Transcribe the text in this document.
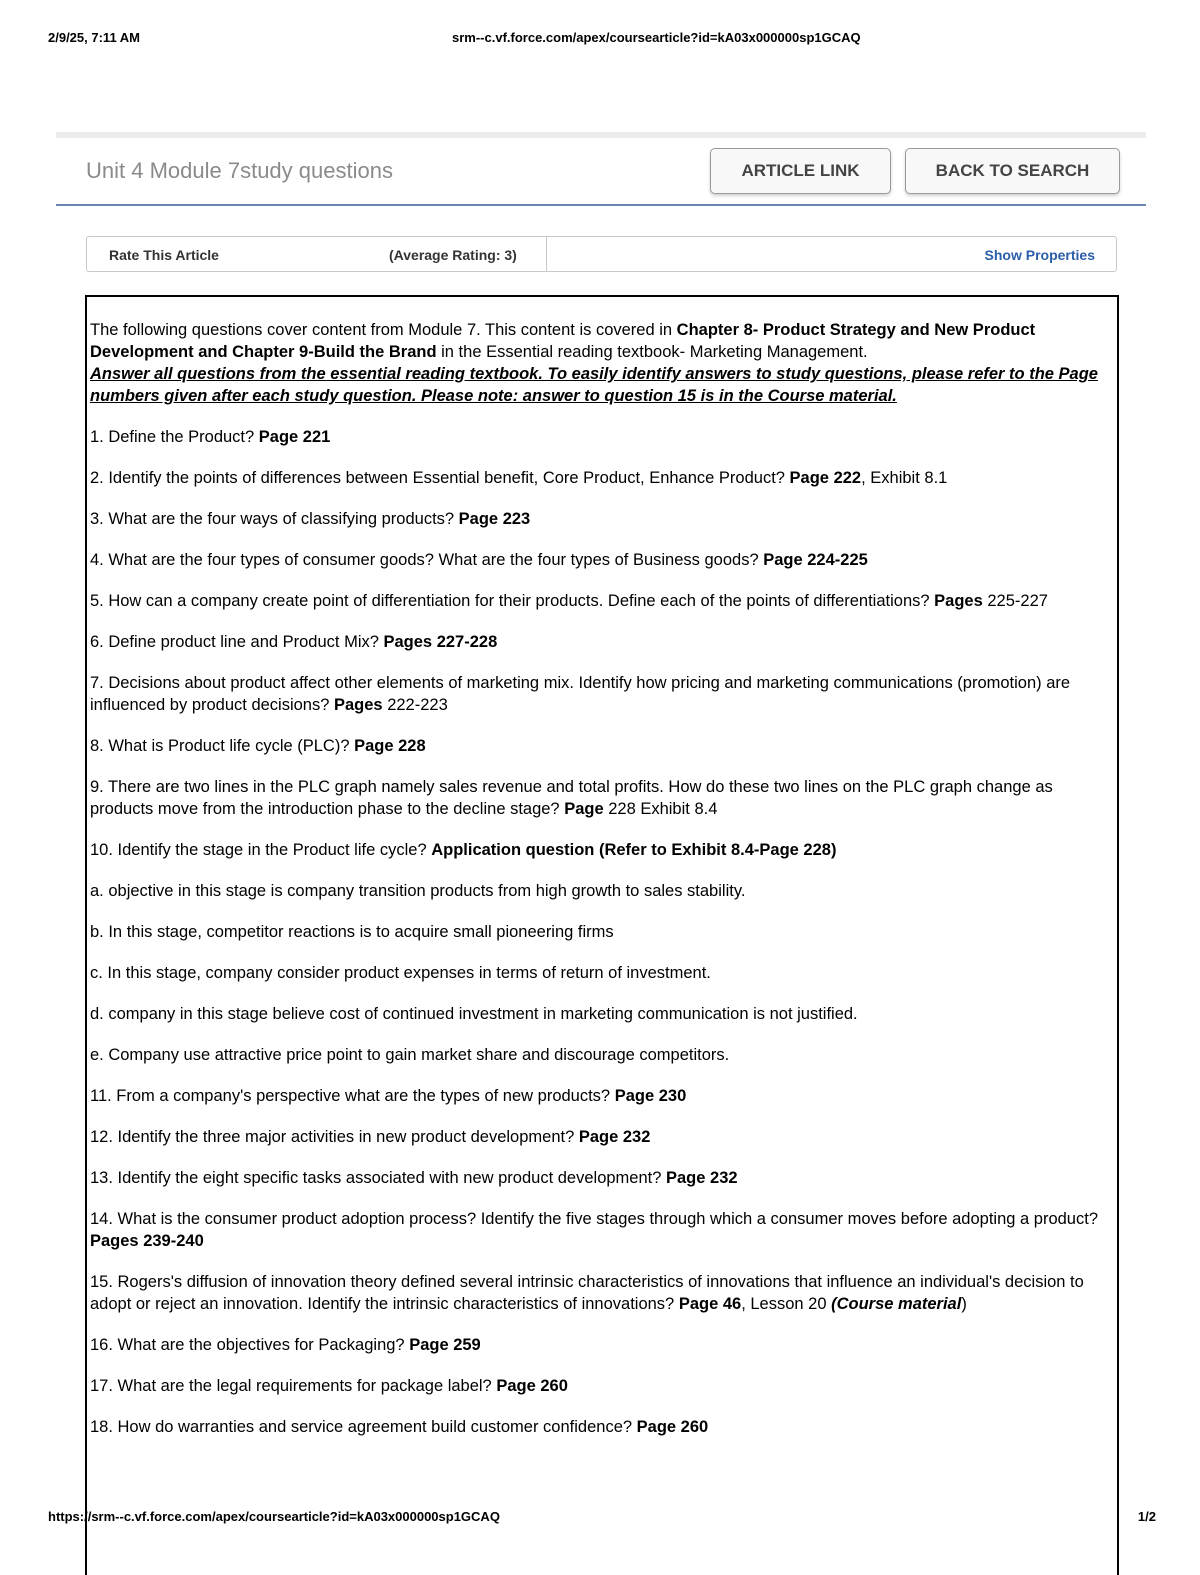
2/9/25, 7:11 AM	srm--c.vf.force.com/apex/coursearticle?id=kA03x000000sp1GCAQ
Unit 4 Module 7study questions	ARTICLE LINK	BACK TO SEARCH
Rate This Article	(Average Rating: 3)	Show Properties

The following questions cover content from Module 7. This content is covered in Chapter 8- Product Strategy and New Product Development and Chapter 9-Build the Brand in the Essential reading textbook- Marketing Management.
Answer all questions from the essential reading textbook. To easily identify answers to study questions, please refer to the Page numbers given after each study question. Please note: answer to question 15 is in the Course material.

1. Define the Product? Page 221

2. Identify the points of differences between Essential benefit, Core Product, Enhance Product? Page 222, Exhibit 8.1

3. What are the four ways of classifying products? Page 223

4. What are the four types of consumer goods? What are the four types of Business goods? Page 224-225

5. How can a company create point of differentiation for their products. Define each of the points of differentiations? Pages 225-227

6. Define product line and Product Mix? Pages 227-228

7. Decisions about product affect other elements of marketing mix. Identify how pricing and marketing communications (promotion) are influenced by product decisions? Pages 222-223

8. What is Product life cycle (PLC)? Page 228

9. There are two lines in the PLC graph namely sales revenue and total profits. How do these two lines on the PLC graph change as products move from the introduction phase to the decline stage? Page 228 Exhibit 8.4

10. Identify the stage in the Product life cycle? Application question (Refer to Exhibit 8.4-Page 228)

a. objective in this stage is company transition products from high growth to sales stability.

b. In this stage, competitor reactions is to acquire small pioneering firms

c. In this stage, company consider product expenses in terms of return of investment.

d. company in this stage believe cost of continued investment in marketing communication is not justified.

e. Company use attractive price point to gain market share and discourage competitors.

11. From a company's perspective what are the types of new products? Page 230

12. Identify the three major activities in new product development? Page 232

13. Identify the eight specific tasks associated with new product development? Page 232

14. What is the consumer product adoption process? Identify the five stages through which a consumer moves before adopting a product? Pages 239-240

15. Rogers's diffusion of innovation theory defined several intrinsic characteristics of innovations that influence an individual's decision to adopt or reject an innovation. Identify the intrinsic characteristics of innovations? Page 46, Lesson 20 (Course material)

16. What are the objectives for Packaging? Page 259

17. What are the legal requirements for package label? Page 260

18. How do warranties and service agreement build customer confidence? Page 260

https://srm--c.vf.force.com/apex/coursearticle?id=kA03x000000sp1GCAQ	1/2
